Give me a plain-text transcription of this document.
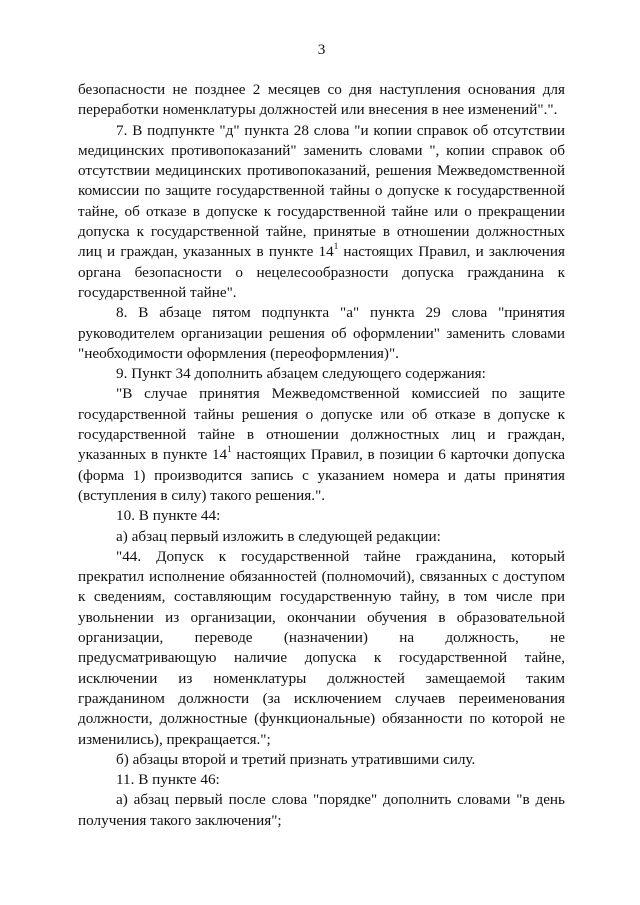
3

безопасности не позднее 2 месяцев со дня наступления основания для переработки номенклатуры должностей или внесения в нее изменений".".

7. В подпункте "д" пункта 28 слова "и копии справок об отсутствии медицинских противопоказаний" заменить словами ", копии справок об отсутствии медицинских противопоказаний, решения Межведомственной комиссии по защите государственной тайны о допуске к государственной тайне, об отказе в допуске к государственной тайне или о прекращении допуска к государственной тайне, принятые в отношении должностных лиц и граждан, указанных в пункте $14^1$ настоящих Правил, и заключения органа безопасности о нецелесообразности допуска гражданина к государственной тайне".

8. В абзаце пятом подпункта "а" пункта 29 слова "принятия руководителем организации решения об оформлении" заменить словами "необходимости оформления (переоформления)".

9. Пункт 34 дополнить абзацем следующего содержания:

"В случае принятия Межведомственной комиссией по защите государственной тайны решения о допуске или об отказе в допуске к государственной тайне в отношении должностных лиц и граждан, указанных в пункте $14^1$ настоящих Правил, в позиции 6 карточки допуска (форма 1) производится запись с указанием номера и даты принятия (вступления в силу) такого решения.".

10. В пункте 44:

а) абзац первый изложить в следующей редакции:

"44. Допуск к государственной тайне гражданина, который прекратил исполнение обязанностей (полномочий), связанных с доступом к сведениям, составляющим государственную тайну, в том числе при увольнении из организации, окончании обучения в образовательной организации, переводе (назначении) на должность, не предусматривающую наличие допуска к государственной тайне, исключении из номенклатуры должностей замещаемой таким гражданином должности (за исключением случаев переименования должности, должностные (функциональные) обязанности по которой не изменились), прекращается.";

б) абзацы второй и третий признать утратившими силу.

11. В пункте 46:

а) абзац первый после слова "порядке" дополнить словами "в день получения такого заключения";
